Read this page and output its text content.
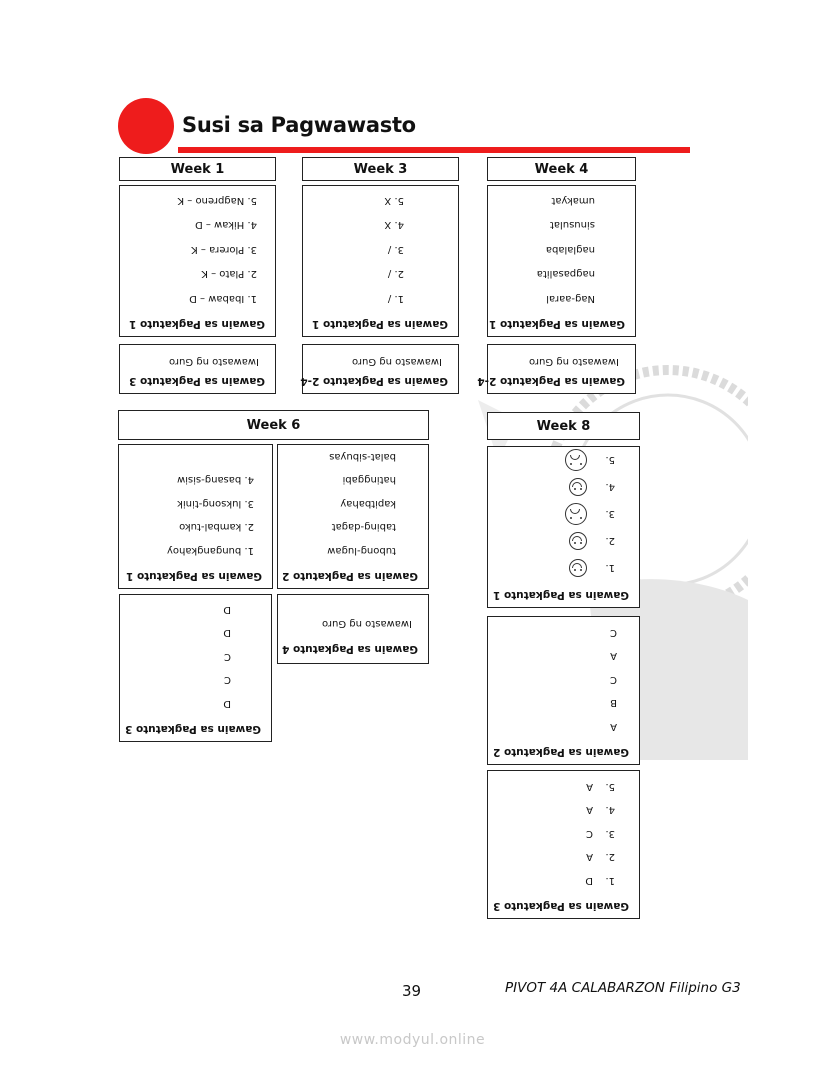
Susi sa Pagwawasto
Week 1	Week 3	Week 4
Week 6	Week 8
Gawain sa Pagkatuto 1
1. Ibabaw – D
2. Plato – K
3. Plorera – K
4. Hikaw – D
5. Nagpreno – K
Gawain sa Pagkatuto 1
1. /
2. /
3. /
4. X
5. X
Gawain sa Pagkatuto 1
Nag-aaral
nagpasalita
naglalaba
sinusulat
umakyat
Gawain sa Pagkatuto 3
Iwawasto ng Guro
Gawain sa Pagkatuto 2-4
Iwawasto ng Guro
Gawain sa Pagkatuto 2-4
Iwawasto ng Guro
Gawain sa Pagkatuto 1
1. bungangkahoy
2. kambal-tuko
3. luksong-tinik
4. basang-sisiw
Gawain sa Pagkatuto 2
tubong-lugaw
tabing-dagat
kapitbahay
hatinggabi
balat-sibuyas
Gawain sa Pagkatuto 4
Iwawasto ng Guro
Gawain sa Pagkatuto 3
D
C
C
D
D
Gawain sa Pagkatuto 1
1.
2.
3.
4.
5.
Gawain sa Pagkatuto 2
A
B
C
A
C
Gawain sa Pagkatuto 3
1.D
2.A
3.C
4.A
5.A
39	PIVOT 4A CALABARZON Filipino G3
www.modyul.online
